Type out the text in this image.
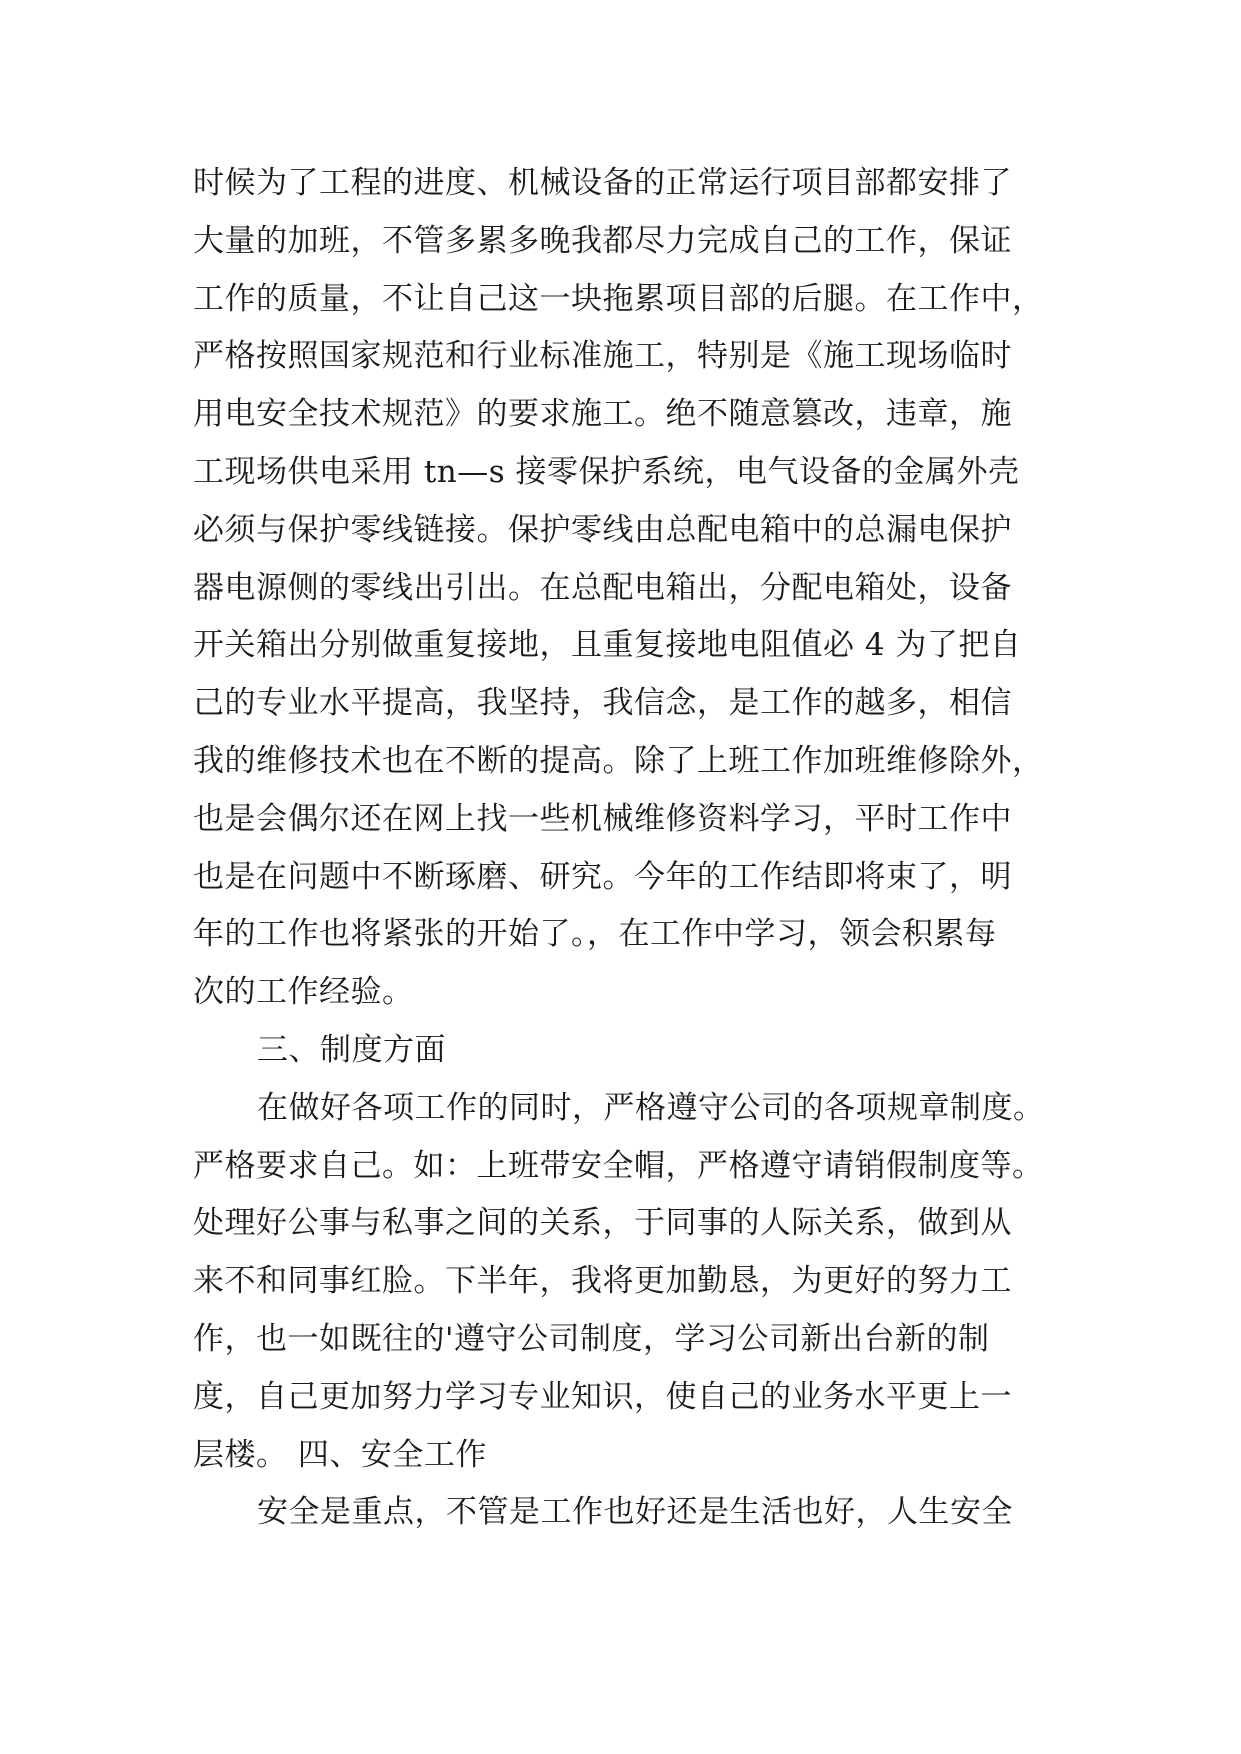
时候为了工程的进度、机械设备的正常运行项目部都安排了
大量的加班，不管多累多晚我都尽力完成自己的工作，保证
工作的质量，不让自己这一块拖累项目部的后腿。在工作中，
严格按照国家规范和行业标准施工，特别是《施工现场临时
用电安全技术规范》的要求施工。绝不随意篡改，违章，施
工现场供电采用 tn—s 接零保护系统，电气设备的金属外壳
必须与保护零线链接。保护零线由总配电箱中的总漏电保护
器电源侧的零线出引出。在总配电箱出，分配电箱处，设备
开关箱出分别做重复接地，且重复接地电阻值必 4 为了把自
己的专业水平提高，我坚持，我信念，是工作的越多，相信
我的维修技术也在不断的提高。除了上班工作加班维修除外，
也是会偶尔还在网上找一些机械维修资料学习，平时工作中
也是在问题中不断琢磨、研究。今年的工作结即将束了，明
年的工作也将紧张的开始了。，在工作中学习，领会积累每
次的工作经验。
三、制度方面
在做好各项工作的同时，严格遵守公司的各项规章制度。
严格要求自己。如：上班带安全帽，严格遵守请销假制度等。
处理好公事与私事之间的关系，于同事的人际关系，做到从
来不和同事红脸。下半年，我将更加勤恳，为更好的努力工
作，也一如既往的'遵守公司制度，学习公司新出台新的制
度，自己更加努力学习专业知识，使自己的业务水平更上一
层楼。 四、安全工作
安全是重点，不管是工作也好还是生活也好，人生安全
